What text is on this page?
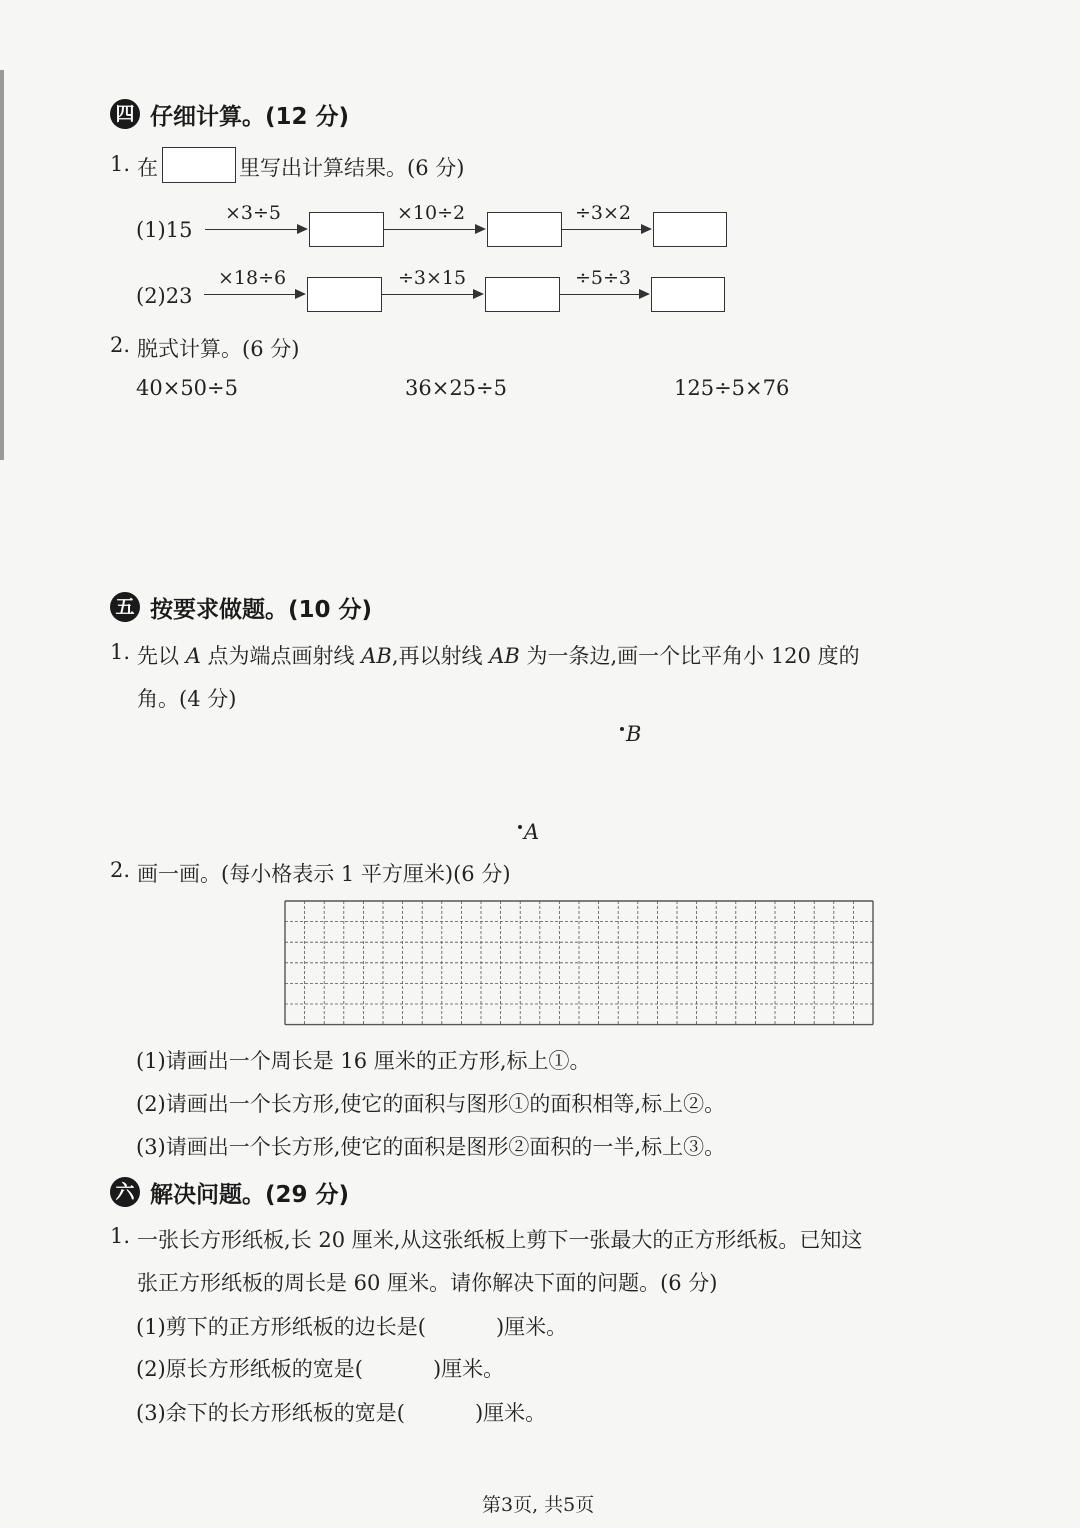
四 仔细计算。(12 分)
1. 在	里写出计算结果。(6 分)
(1)15
×3÷5	×10÷2	÷3×2
(2)23
×18÷6	÷3×15	÷5÷3
2. 脱式计算。(6 分)
40×50÷5	36×25÷5	125÷5×76
五 按要求做题。(10 分)
1. 先以 A 点为端点画射线 AB,再以射线 AB 为一条边,画一个比平角小 120 度的
角。(4 分)
B
A
2. 画一画。(每小格表示 1 平方厘米)(6 分)
(1)请画出一个周长是 16 厘米的正方形,标上①。
(2)请画出一个长方形,使它的面积与图形①的面积相等,标上②。
(3)请画出一个长方形,使它的面积是图形②面积的一半,标上③。
六 解决问题。(29 分)
1. 一张长方形纸板,长 20 厘米,从这张纸板上剪下一张最大的正方形纸板。已知这
张正方形纸板的周长是 60 厘米。请你解决下面的问题。(6 分)
(1)剪下的正方形纸板的边长是(	)厘米。
(2)原长方形纸板的宽是(	)厘米。
(3)余下的长方形纸板的宽是(	)厘米。
第3页, 共5页
